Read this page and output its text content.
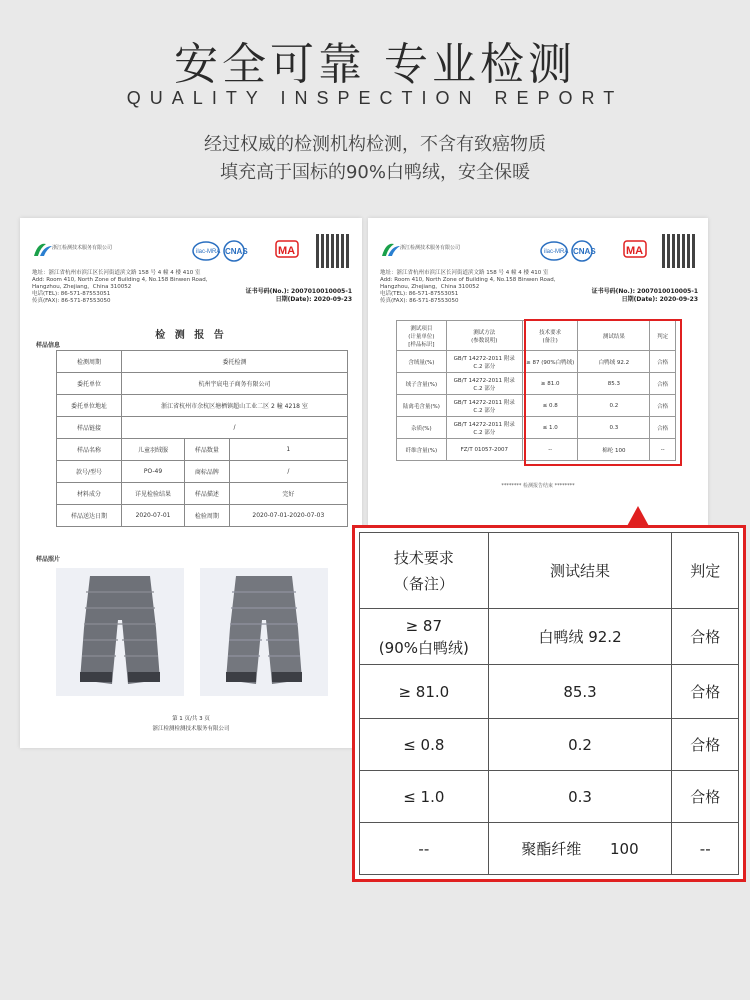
安全可靠 专业检测
QUALITY INSPECTION REPORT
经过权威的检测机构检测，不含有致癌物质
填充高于国标的90%白鸭绒，安全保暖
浙江检测技术服务有限公司
ilac-MRA CNAS	MA
地址：浙江省杭州市滨江区长河街道滨文路 158 号 4 幢 4 楼 410 室
Add: Room 410, North Zone of Building 4, No.158 Binwen Road,
Hangzhou, Zhejiang，China 310052
电话(TEL): 86-571-87553051
传真(FAX): 86-571-87553050
证书号码(No.): 2007010010005-1
日期(Date): 2020-09-23
检 测 报 告
样品信息
检测周期	委托检测		
委托单位	杭州宇宸电子商务有限公司		
委托单位地址	浙江省杭州市余杭区塘栖镇超山工业二区 2 幢 4218 室		
样品链接	/		
样品名称	儿童羽绒服	样品数量	1
款号/型号	PO-49	商标品牌	/
材料成分	详见检验结果	样品描述	完好
样品送达日期	2020-07-01	检验周期	2020-07-01-2020-07-03
样品照片
第 1 页/共 3 页
浙江检测检测技术服务有限公司
浙江检测技术服务有限公司
ilac-MRA CNAS	MA
地址：浙江省杭州市滨江区长河街道滨文路 158 号 4 幢 4 楼 410 室
Add: Room 410, North Zone of Building 4, No.158 Binwen Road,
Hangzhou, Zhejiang，China 310052
电话(TEL): 86-571-87553051
传真(FAX): 86-571-87553050
证书号码(No.): 2007010010005-1
日期(Date): 2020-09-23
测试项目
(计量单位)
[样品标识]	测试方法
(参数说明)	技术要求
(备注)	测试结果	判定
含绒量(%)	GB/T 14272-2011 附录 C.2 部分	≥ 87 (90%白鸭绒)	白鸭绒 92.2	合格
绒子含量(%)	GB/T 14272-2011 附录 C.2 部分	≥ 81.0	85.3	合格
陆禽毛含量(%)	GB/T 14272-2011 附录 C.2 部分	≤ 0.8	0.2	合格
杂质(%)	GB/T 14272-2011 附录 C.2 部分	≤ 1.0	0.3	合格
纤维含量(%)	FZ/T 01057-2007	--	棉纶 100	--
******** 检测报告结束 ********
技术要求
（备注）	测试结果	判定
≥ 87
(90%白鸭绒)	白鸭绒 92.2	合格
≥ 81.0	85.3	合格
≤ 0.8	0.2	合格
≤ 1.0	0.3	合格
--	聚酯纤维      100	--
